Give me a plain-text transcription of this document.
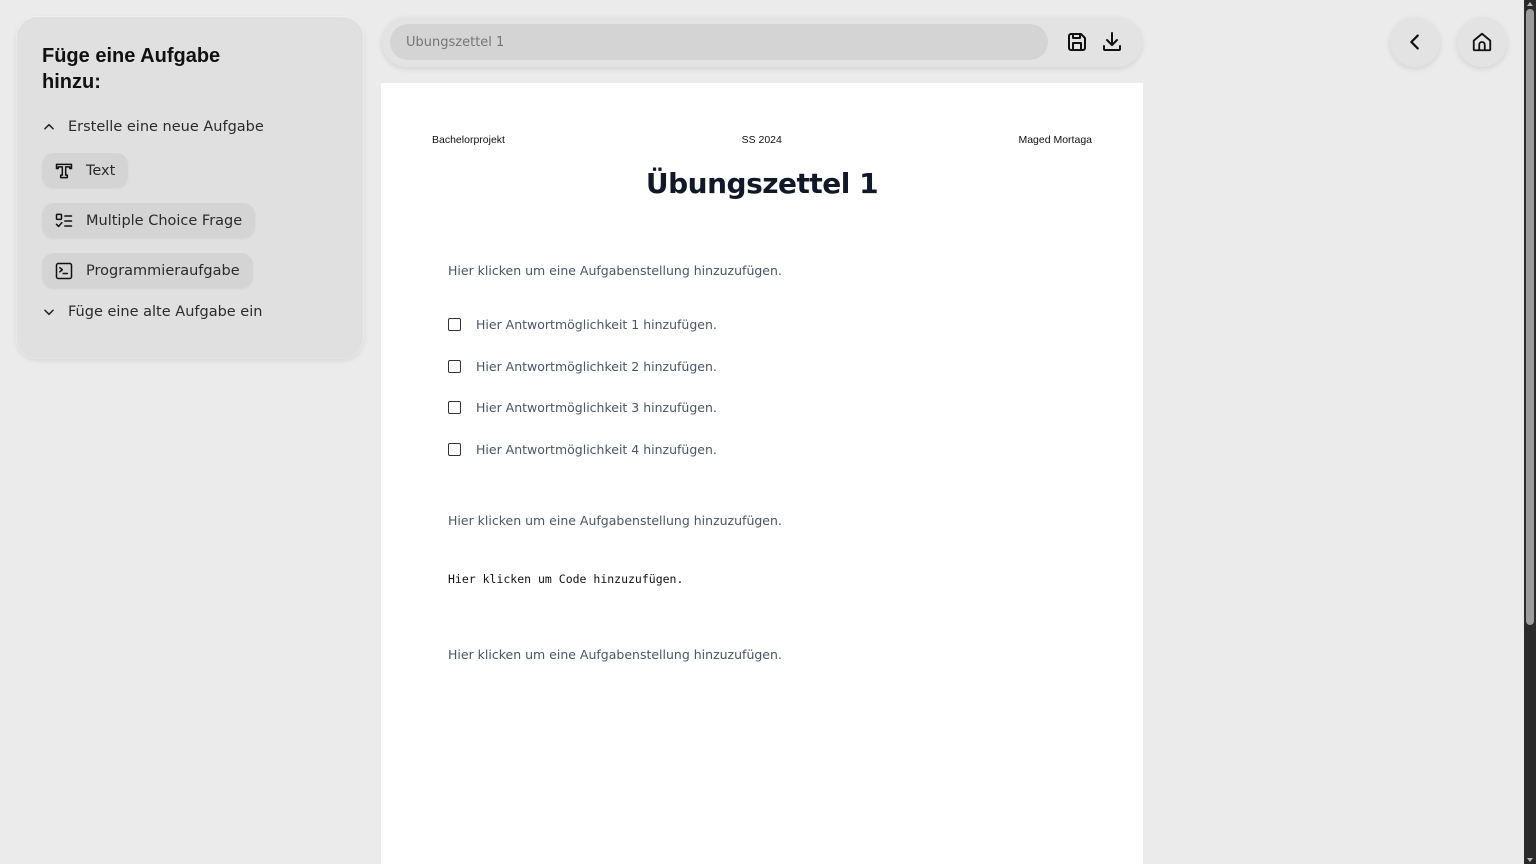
Füge eine Aufgabe hinzu:
Erstelle eine neue Aufgabe
Text
Multiple Choice Frage
Programmieraufgabe
Füge eine alte Aufgabe ein
Übungszettel 1
Bachelorprojekt	SS 2024	Maged Mortaga
Übungszettel 1
Hier klicken um eine Aufgabenstellung hinzuzufügen.
Hier Antwortmöglichkeit 1 hinzufügen.
Hier Antwortmöglichkeit 2 hinzufügen.
Hier Antwortmöglichkeit 3 hinzufügen.
Hier Antwortmöglichkeit 4 hinzufügen.
Hier klicken um eine Aufgabenstellung hinzuzufügen.
Hier klicken um Code hinzuzufügen.
Hier klicken um eine Aufgabenstellung hinzuzufügen.
